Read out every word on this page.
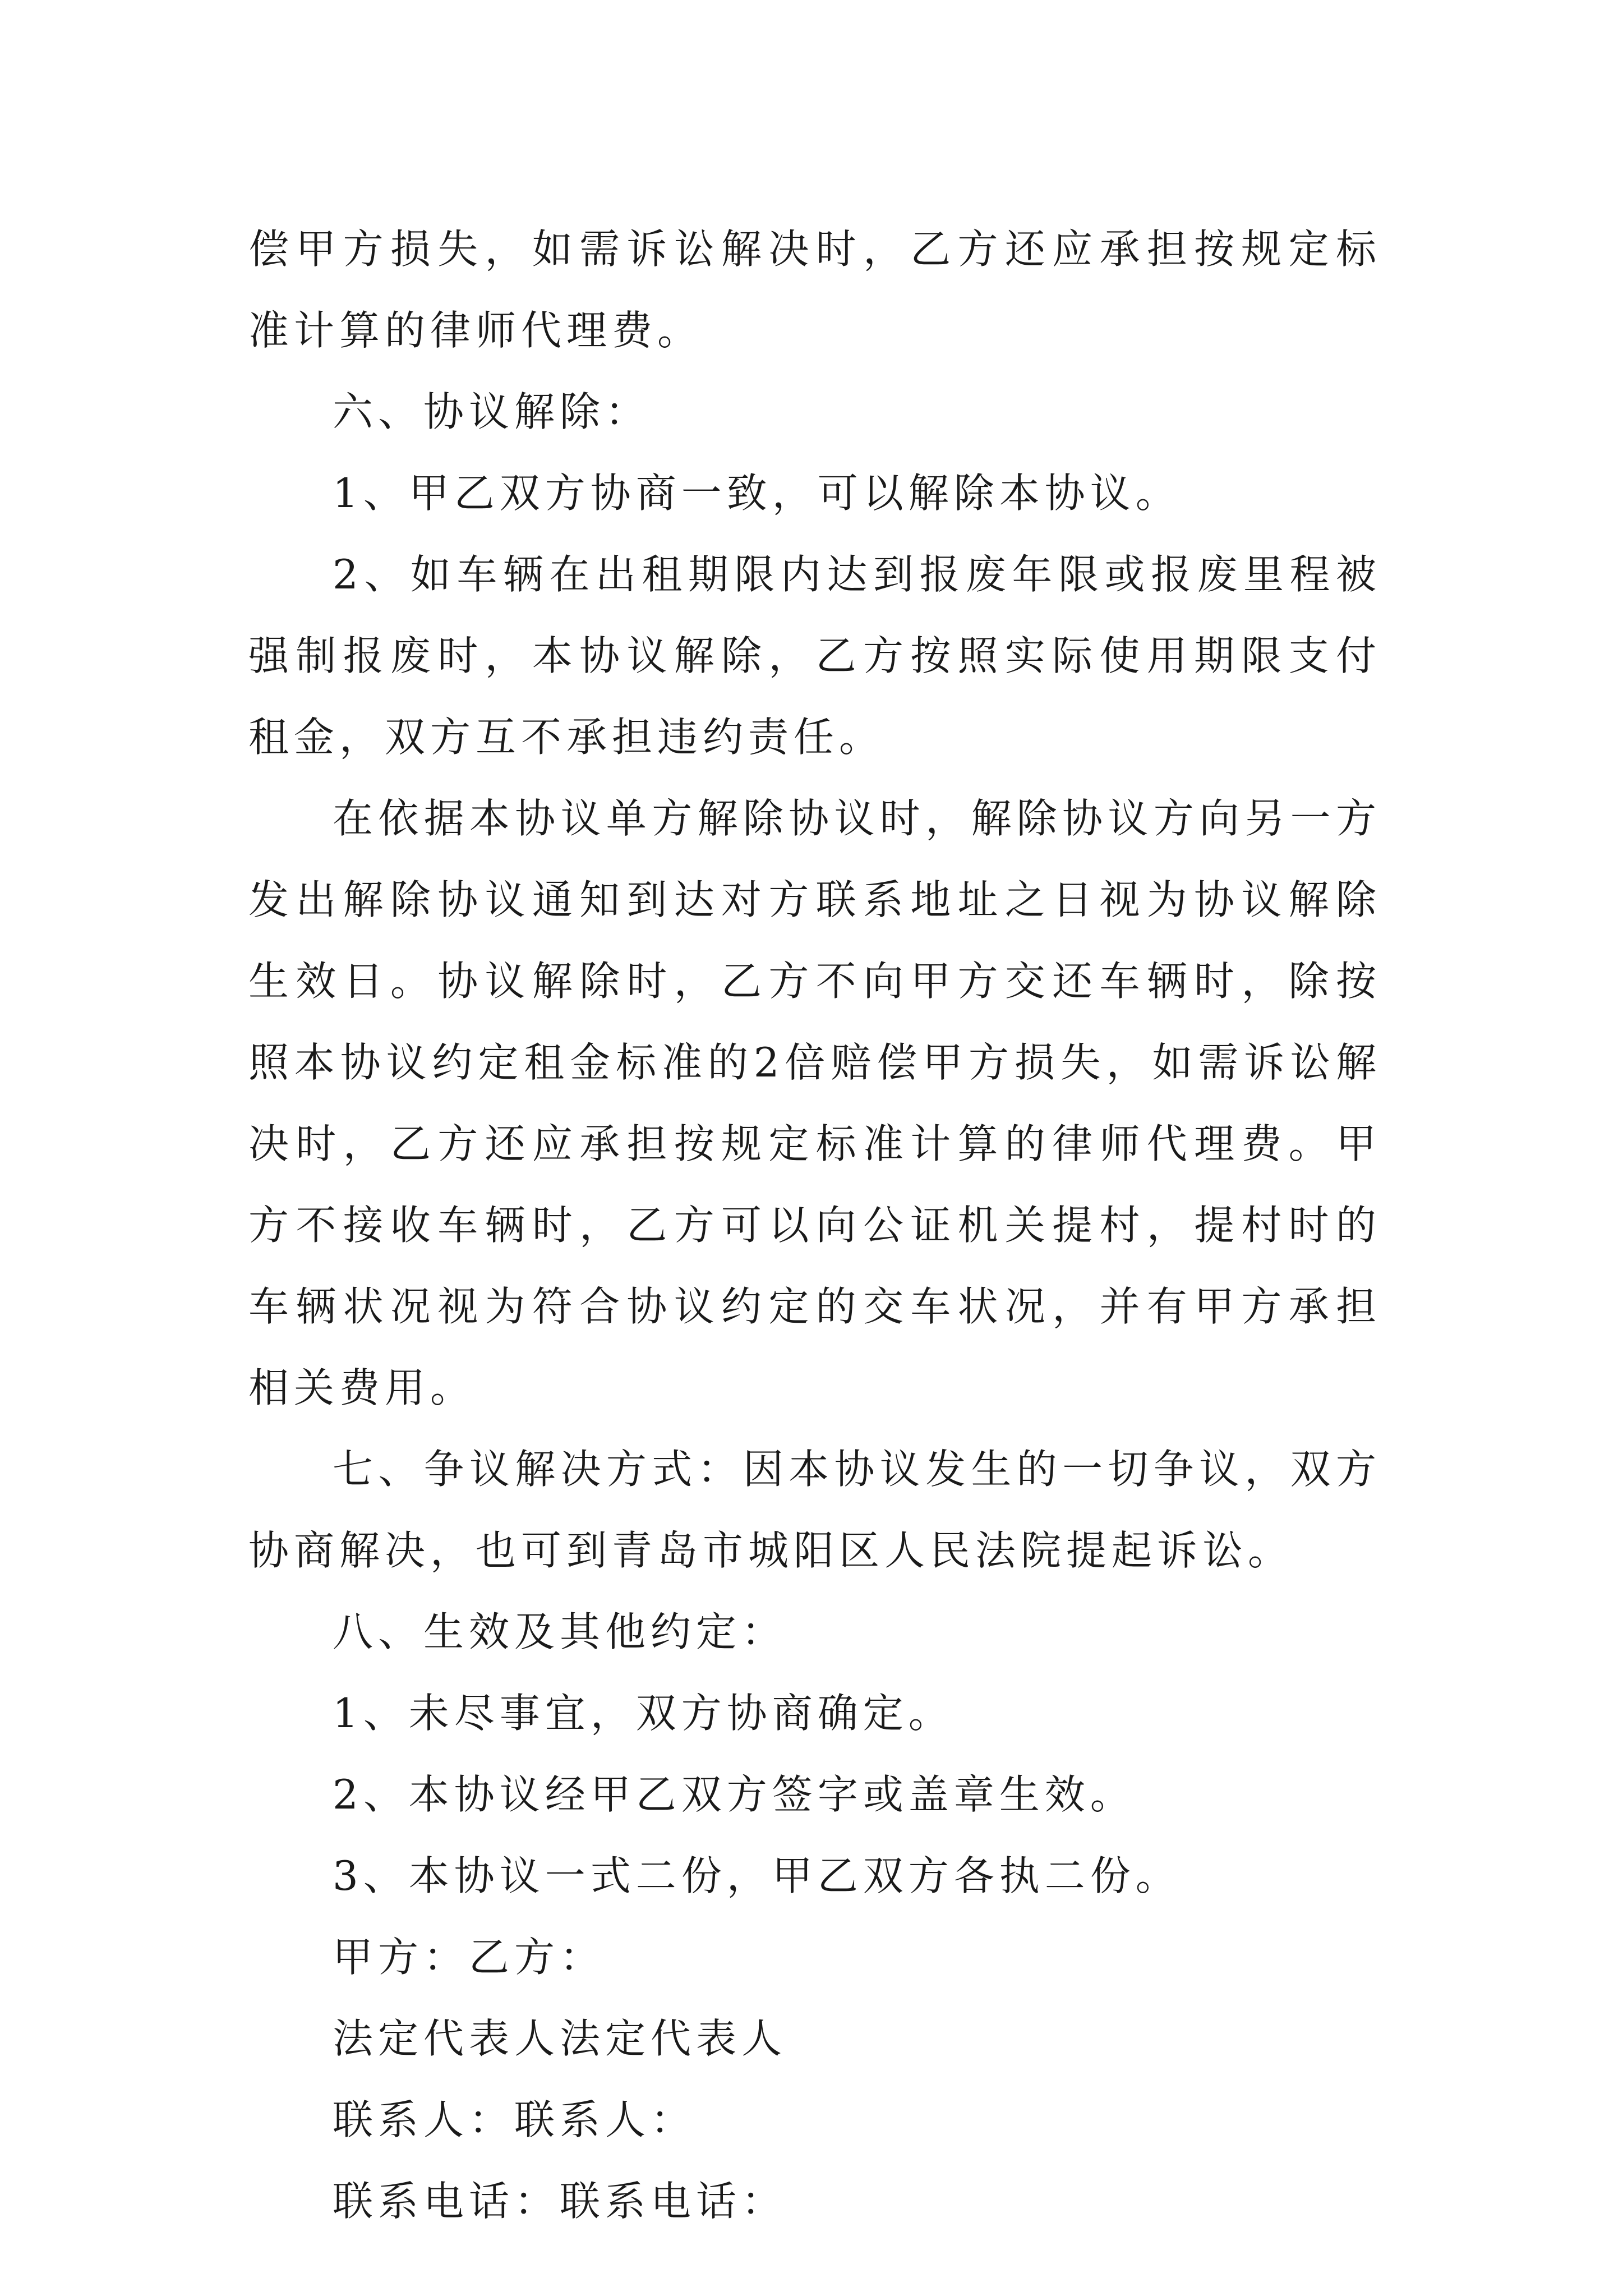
偿甲方损失，如需诉讼解决时，乙方还应承担按规定标准计算的律师代理费。

六、协议解除：

1、甲乙双方协商一致，可以解除本协议。

2、如车辆在出租期限内达到报废年限或报废里程被强制报废时，本协议解除，乙方按照实际使用期限支付租金，双方互不承担违约责任。

在依据本协议单方解除协议时，解除协议方向另一方发出解除协议通知到达对方联系地址之日视为协议解除生效日。协议解除时，乙方不向甲方交还车辆时，除按照本协议约定租金标准的2倍赔偿甲方损失，如需诉讼解决时，乙方还应承担按规定标准计算的律师代理费。甲方不接收车辆时，乙方可以向公证机关提村，提村时的车辆状况视为符合协议约定的交车状况，并有甲方承担相关费用。

七、争议解决方式：因本协议发生的一切争议，双方协商解决，也可到青岛市城阳区人民法院提起诉讼。

八、生效及其他约定：

1、未尽事宜，双方协商确定。

2、本协议经甲乙双方签字或盖章生效。

3、本协议一式二份，甲乙双方各执二份。

甲方：乙方：

法定代表人法定代表人

联系人：联系人：

联系电话：联系电话：
